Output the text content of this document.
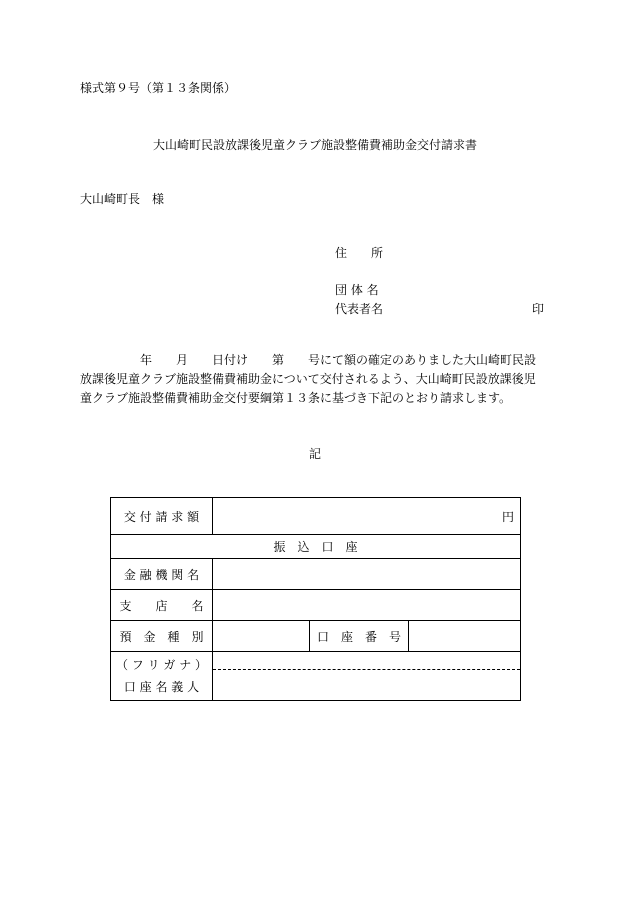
様式第９号（第１３条関係）
大山崎町民設放課後児童クラブ施設整備費補助金交付請求書
大山崎町長　様
住　　所
団 体 名
代表者名	印
　　　　　年　　月　　日付け　　第　　号にて額の確定のありました大山崎町民設
放課後児童クラブ施設整備費補助金について交付されるよう、大山崎町民設放課後児
童クラブ施設整備費補助金交付要綱第１３条に基づき下記のとおり請求します。
記
交 付 請 求 額	円		
振　込　口　座			
金 融 機 関 名			
支　　店　　名			
預　金　種　別		口　座　番　号	

（ フ リ ガ ナ ）
口 座 名 義 人			
